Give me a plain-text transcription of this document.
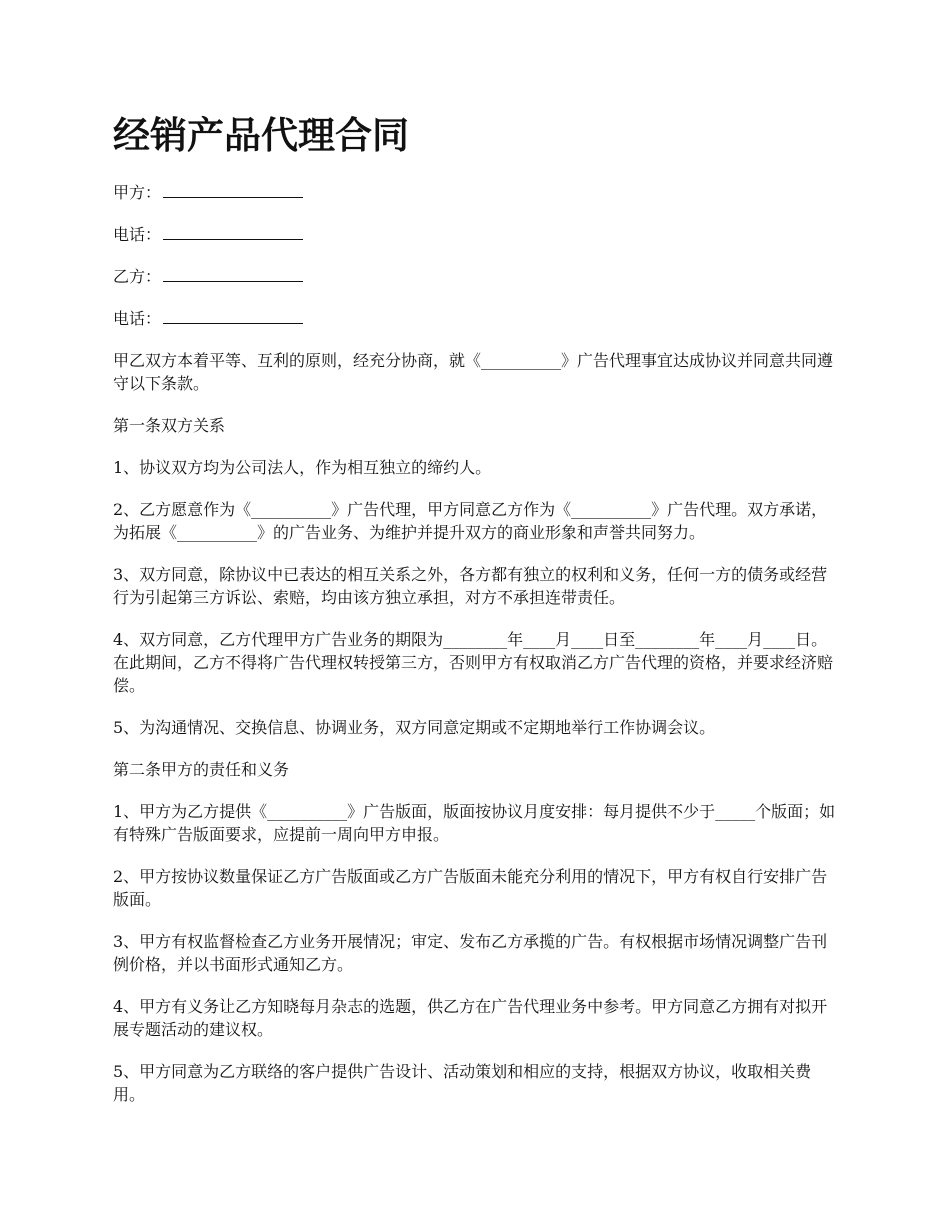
经销产品代理合同
甲方：
电话：
乙方：
电话：

甲乙双方本着平等、互利的原则，经充分协商，就《__________》广告代理事宜达成协议并同意共同遵守以下条款。

第一条双方关系

1、协议双方均为公司法人，作为相互独立的缔约人。

2、乙方愿意作为《__________》广告代理，甲方同意乙方作为《__________》广告代理。双方承诺，为拓展《__________》的广告业务、为维护并提升双方的商业形象和声誉共同努力。

3、双方同意，除协议中已表达的相互关系之外，各方都有独立的权利和义务，任何一方的债务或经营行为引起第三方诉讼、索赔，均由该方独立承担，对方不承担连带责任。

4、双方同意，乙方代理甲方广告业务的期限为________年____月____日至________年____月____日。在此期间，乙方不得将广告代理权转授第三方，否则甲方有权取消乙方广告代理的资格，并要求经济赔偿。

5、为沟通情况、交换信息、协调业务，双方同意定期或不定期地举行工作协调会议。

第二条甲方的责任和义务

1、甲方为乙方提供《__________》广告版面，版面按协议月度安排：每月提供不少于_____个版面；如有特殊广告版面要求，应提前一周向甲方申报。

2、甲方按协议数量保证乙方广告版面或乙方广告版面未能充分利用的情况下，甲方有权自行安排广告版面。

3、甲方有权监督检查乙方业务开展情况；审定、发布乙方承揽的广告。有权根据市场情况调整广告刊例价格，并以书面形式通知乙方。

4、甲方有义务让乙方知晓每月杂志的选题，供乙方在广告代理业务中参考。甲方同意乙方拥有对拟开展专题活动的建议权。

5、甲方同意为乙方联络的客户提供广告设计、活动策划和相应的支持，根据双方协议，收取相关费用。
